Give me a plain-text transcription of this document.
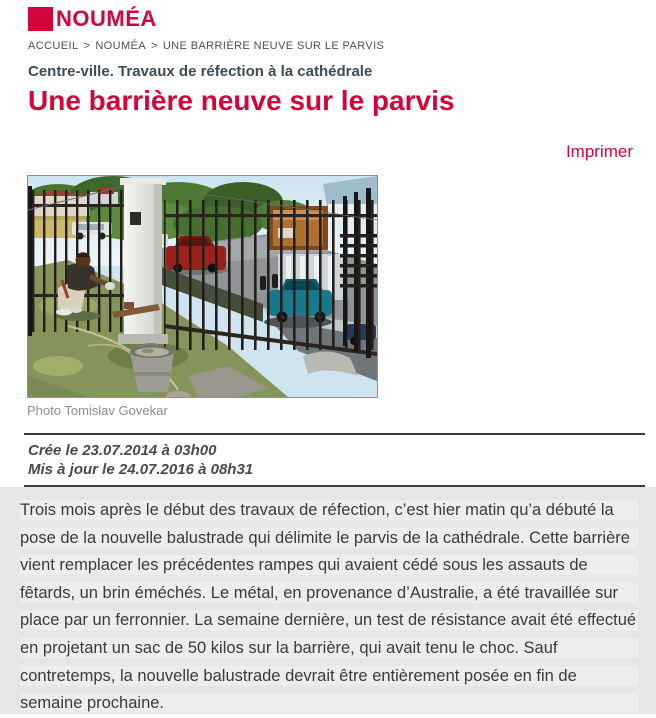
NOUMÉA
ACCUEIL > NOUMÉA > UNE BARRIÈRE NEUVE SUR LE PARVIS
Centre-ville. Travaux de réfection à la cathédrale
Une barrière neuve sur le parvis
Imprimer
Photo Tomislav Govekar
Crée le 23.07.2014 à 03h00
Mis à jour le 24.07.2016 à 08h31

Trois mois après le début des travaux de réfection, c’est hier matin qu’a débuté la pose de la nouvelle balustrade qui délimite le parvis de la cathédrale. Cette barrière vient remplacer les précédentes rampes qui avaient cédé sous les assauts de fêtards, un brin éméchés. Le métal, en provenance d’Australie, a été travaillée sur place par un ferronnier. La semaine dernière, un test de résistance avait été effectué en projetant un sac de 50 kilos sur la barrière, qui avait tenu le choc. Sauf contretemps, la nouvelle balustrade devrait être entièrement posée en fin de semaine prochaine.
